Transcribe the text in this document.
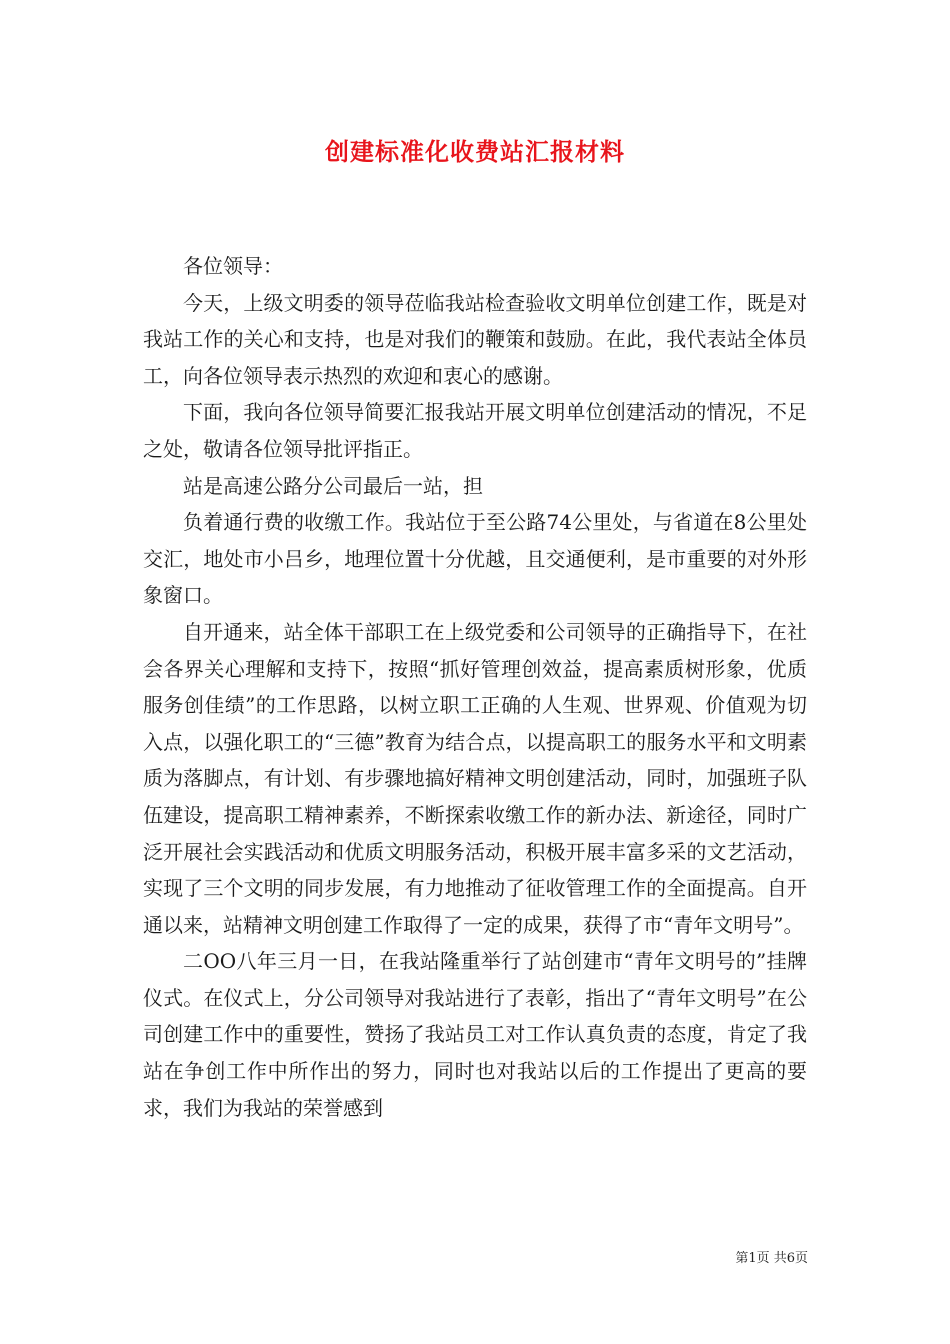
创建标准化收费站汇报材料

各位领导：

今天，上级文明委的领导莅临我站检查验收文明单位创建工作，既是对我站工作的关心和支持，也是对我们的鞭策和鼓励。在此，我代表站全体员工，向各位领导表示热烈的欢迎和衷心的感谢。

下面，我向各位领导简要汇报我站开展文明单位创建活动的情况，不足之处，敬请各位领导批评指正。

站是高速公路分公司最后一站，担

负着通行费的收缴工作。我站位于至公路74公里处，与省道在8公里处交汇，地处市小吕乡，地理位置十分优越，且交通便利，是市重要的对外形象窗口。

自开通来，站全体干部职工在上级党委和公司领导的正确指导下，在社会各界关心理解和支持下，按照“抓好管理创效益，提高素质树形象，优质服务创佳绩”的工作思路，以树立职工正确的人生观、世界观、价值观为切入点，以强化职工的“三德”教育为结合点，以提高职工的服务水平和文明素质为落脚点，有计划、有步骤地搞好精神文明创建活动，同时，加强班子队伍建设，提高职工精神素养，不断探索收缴工作的新办法、新途径，同时广泛开展社会实践活动和优质文明服务活动，积极开展丰富多采的文艺活动，实现了三个文明的同步发展，有力地推动了征收管理工作的全面提高。自开通以来，站精神文明创建工作取得了一定的成果，获得了市“青年文明号”。

二OO八年三月一日，在我站隆重举行了站创建市“青年文明号的”挂牌仪式。在仪式上，分公司领导对我站进行了表彰，指出了“青年文明号”在公司创建工作中的重要性，赞扬了我站员工对工作认真负责的态度，肯定了我站在争创工作中所作出的努力，同时也对我站以后的工作提出了更高的要求，我们为我站的荣誉感到

第1页 共6页
